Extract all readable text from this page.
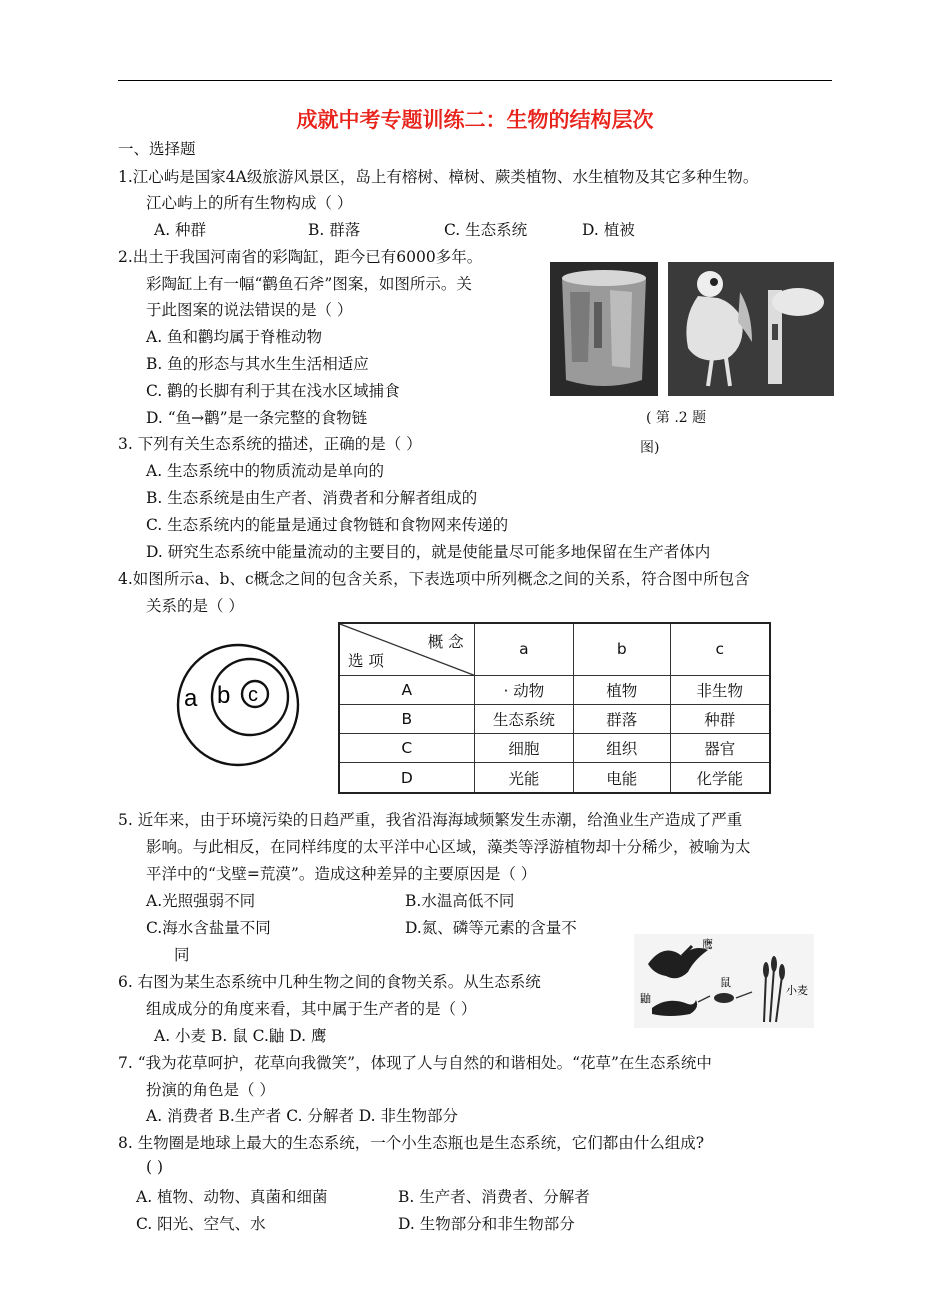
成就中考专题训练二：生物的结构层次
一、选择题
1.江心屿是国家4A级旅游风景区，岛上有榕树、樟树、蕨类植物、水生植物及其它多种生物。
江心屿上的所有生物构成（ ）
A. 种群	B. 群落	C. 生态系统	D. 植被
2.出土于我国河南省的彩陶缸，距今已有6000多年。
彩陶缸上有一幅“鹳鱼石斧”图案，如图所示。关
于此图案的说法错误的是（ ）
A. 鱼和鹳均属于脊椎动物
B. 鱼的形态与其水生生活相适应
C. 鹳的长脚有利于其在浅水区域捕食
D. “鱼→鹳”是一条完整的食物链	( 第 .2 题
图)
3. 下列有关生态系统的描述，正确的是（ ）
A. 生态系统中的物质流动是单向的
B. 生态系统是由生产者、消费者和分解者组成的
C. 生态系统内的能量是通过食物链和食物网来传递的
D. 研究生态系统中能量流动的主要目的，就是使能量尽可能多地保留在生产者体内
4.如图所示a、b、c概念之间的包含关系，下表选项中所列概念之间的关系，符合图中所包含
关系的是（ ）
a b c
概 念
选 项	a	b	c
A	· 动物	植物	非生物
B	生态系统	群落	种群
C	细胞	组织	器官
D	光能	电能	化学能
5. 近年来，由于环境污染的日趋严重，我省沿海海域频繁发生赤潮，给渔业生产造成了严重
影响。与此相反，在同样纬度的太平洋中心区域，藻类等浮游植物却十分稀少，被喻为太
平洋中的“戈壁=荒漠”。造成这种差异的主要原因是（ ）
A.光照强弱不同	B.水温高低不同
C.海水含盐量不同	D.氮、磷等元素的含量不
同
鹰
鼬
鼠
小麦
6. 右图为某生态系统中几种生物之间的食物关系。从生态系统
组成成分的角度来看，其中属于生产者的是（ ）
A. 小麦 B. 鼠 C.鼬 D. 鹰
7. “我为花草呵护，花草向我微笑”，体现了人与自然的和谐相处。“花草”在生态系统中
扮演的角色是（ ）
A. 消费者 B.生产者 C. 分解者 D. 非生物部分
8. 生物圈是地球上最大的生态系统，一个小生态瓶也是生态系统，它们都由什么组成?
( )
A. 植物、动物、真菌和细菌	B. 生产者、消费者、分解者
C. 阳光、空气、水	D. 生物部分和非生物部分
